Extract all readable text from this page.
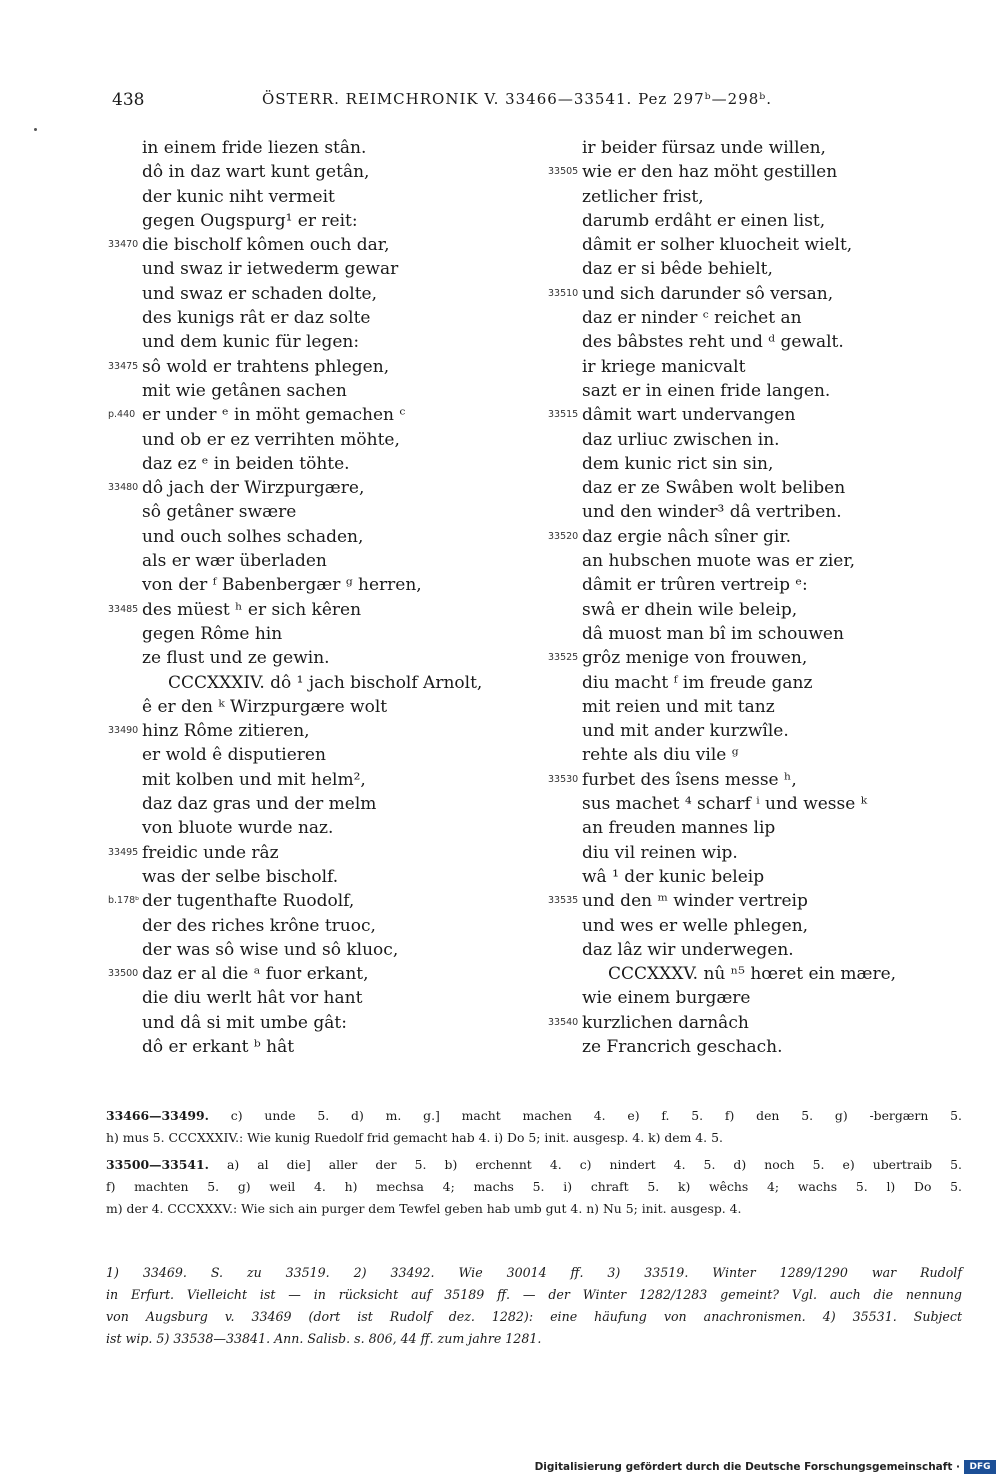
438	ÖSTERR. REIMCHRONIK V. 33466—33541. Pez 297ᵇ—298ᵇ.
in einem fride liezen stân.
dô in daz wart kunt getân,
der kunic niht vermeit
gegen Ougspurg¹ er reit:
33470 die bischolf kômen ouch dar,
und swaz ir ietwederm gewar
und swaz er schaden dolte,
des kunigs rât er daz solte
und dem kunic für legen:
33475 sô wold er trahtens phlegen,
mit wie getânen sachen
p.440 er under ᵉ in möht gemachen ᶜ
und ob er ez verrihten möhte,
daz ez ᵉ in beiden töhte.
33480 dô jach der Wirzpurgære,
sô getâner swære
und ouch solhes schaden,
als er wær überladen
von der ᶠ Babenbergær ᵍ herren,
33485 des müest ʰ er sich kêren
gegen Rôme hin
ze flust und ze gewin.
CCCXXXIV. dô ¹ jach bischolf Arnolt,
ê er den ᵏ Wirzpurgære wolt
33490 hinz Rôme zitieren,
er wold ê disputieren
mit kolben und mit helm²,
daz daz gras und der melm
von bluote wurde naz.
33495 freidic unde râz
was der selbe bischolf.
b.178ᵇ der tugenthafte Ruodolf,
der des riches krône truoc,
der was sô wise und sô kluoc,
33500 daz er al die ᵃ fuor erkant,
die diu werlt hât vor hant
und dâ si mit umbe gât:
dô er erkant ᵇ hât
ir beider fürsaz unde willen,
33505 wie er den haz möht gestillen
zetlicher frist,
darumb erdâht er einen list,
dâmit er solher kluocheit wielt,
daz er si bêde behielt,
33510 und sich darunder sô versan,
daz er ninder ᶜ reichet an
des bâbstes reht und ᵈ gewalt.
ir kriege manicvalt
sazt er in einen fride langen.
33515 dâmit wart undervangen
daz urliuc zwischen in.
dem kunic rict sin sin,
daz er ze Swâben wolt beliben
und den winder³ dâ vertriben.
33520 daz ergie nâch sîner gir.
an hubschen muote was er zier,
dâmit er trûren vertreip ᵉ:
swâ er dhein wile beleip,
dâ muost man bî im schouwen
33525 grôz menige von frouwen,
diu macht ᶠ im freude ganz
mit reien und mit tanz
und mit ander kurzwîle.
rehte als diu vile ᵍ
33530 furbet des îsens messe ʰ,
sus machet ⁴ scharf ⁱ und wesse ᵏ
an freuden mannes lip
diu vil reinen wip.
wâ ¹ der kunic beleip
33535 und den ᵐ winder vertreip
und wes er welle phlegen,
daz lâz wir underwegen.
CCCXXXV. nû ⁿ⁵ hœret ein mære,
wie einem burgære
33540 kurzlichen darnâch
ze Francrich geschach.

33466—33499. c) unde 5. d) m. g.] macht machen 4. e) f. 5. f) den 5. g) -bergærn 5.

h) mus 5. CCCXXXIV.: Wie kunig Ruedolf frid gemacht hab 4. i) Do 5; init. ausgesp. 4. k) dem 4. 5.

33500—33541. a) al die] aller der 5. b) erchennt 4. c) nindert 4. 5. d) noch 5. e) ubertraib 5.

f) machten 5. g) weil 4. h) mechsa 4; machs 5. i) chraft 5. k) wêchs 4; wachs 5. l) Do 5.

m) der 4. CCCXXXV.: Wie sich ain purger dem Tewfel geben hab umb gut 4. n) Nu 5; init. ausgesp. 4.

1) 33469. S. zu 33519. 2) 33492. Wie 30014 ff. 3) 33519. Winter 1289/1290 war Rudolf

in Erfurt. Vielleicht ist — in rücksicht auf 35189 ff. — der Winter 1282/1283 gemeint? Vgl. auch die nennung

von Augsburg v. 33469 (dort ist Rudolf dez. 1282): eine häufung von anachronismen. 4) 35531. Subject

ist wip. 5) 33538—33841. Ann. Salisb. s. 806, 44 ff. zum jahre 1281.

Digitalisierung gefördert durch die Deutsche Forschungsgemeinschaft ·	DFG
